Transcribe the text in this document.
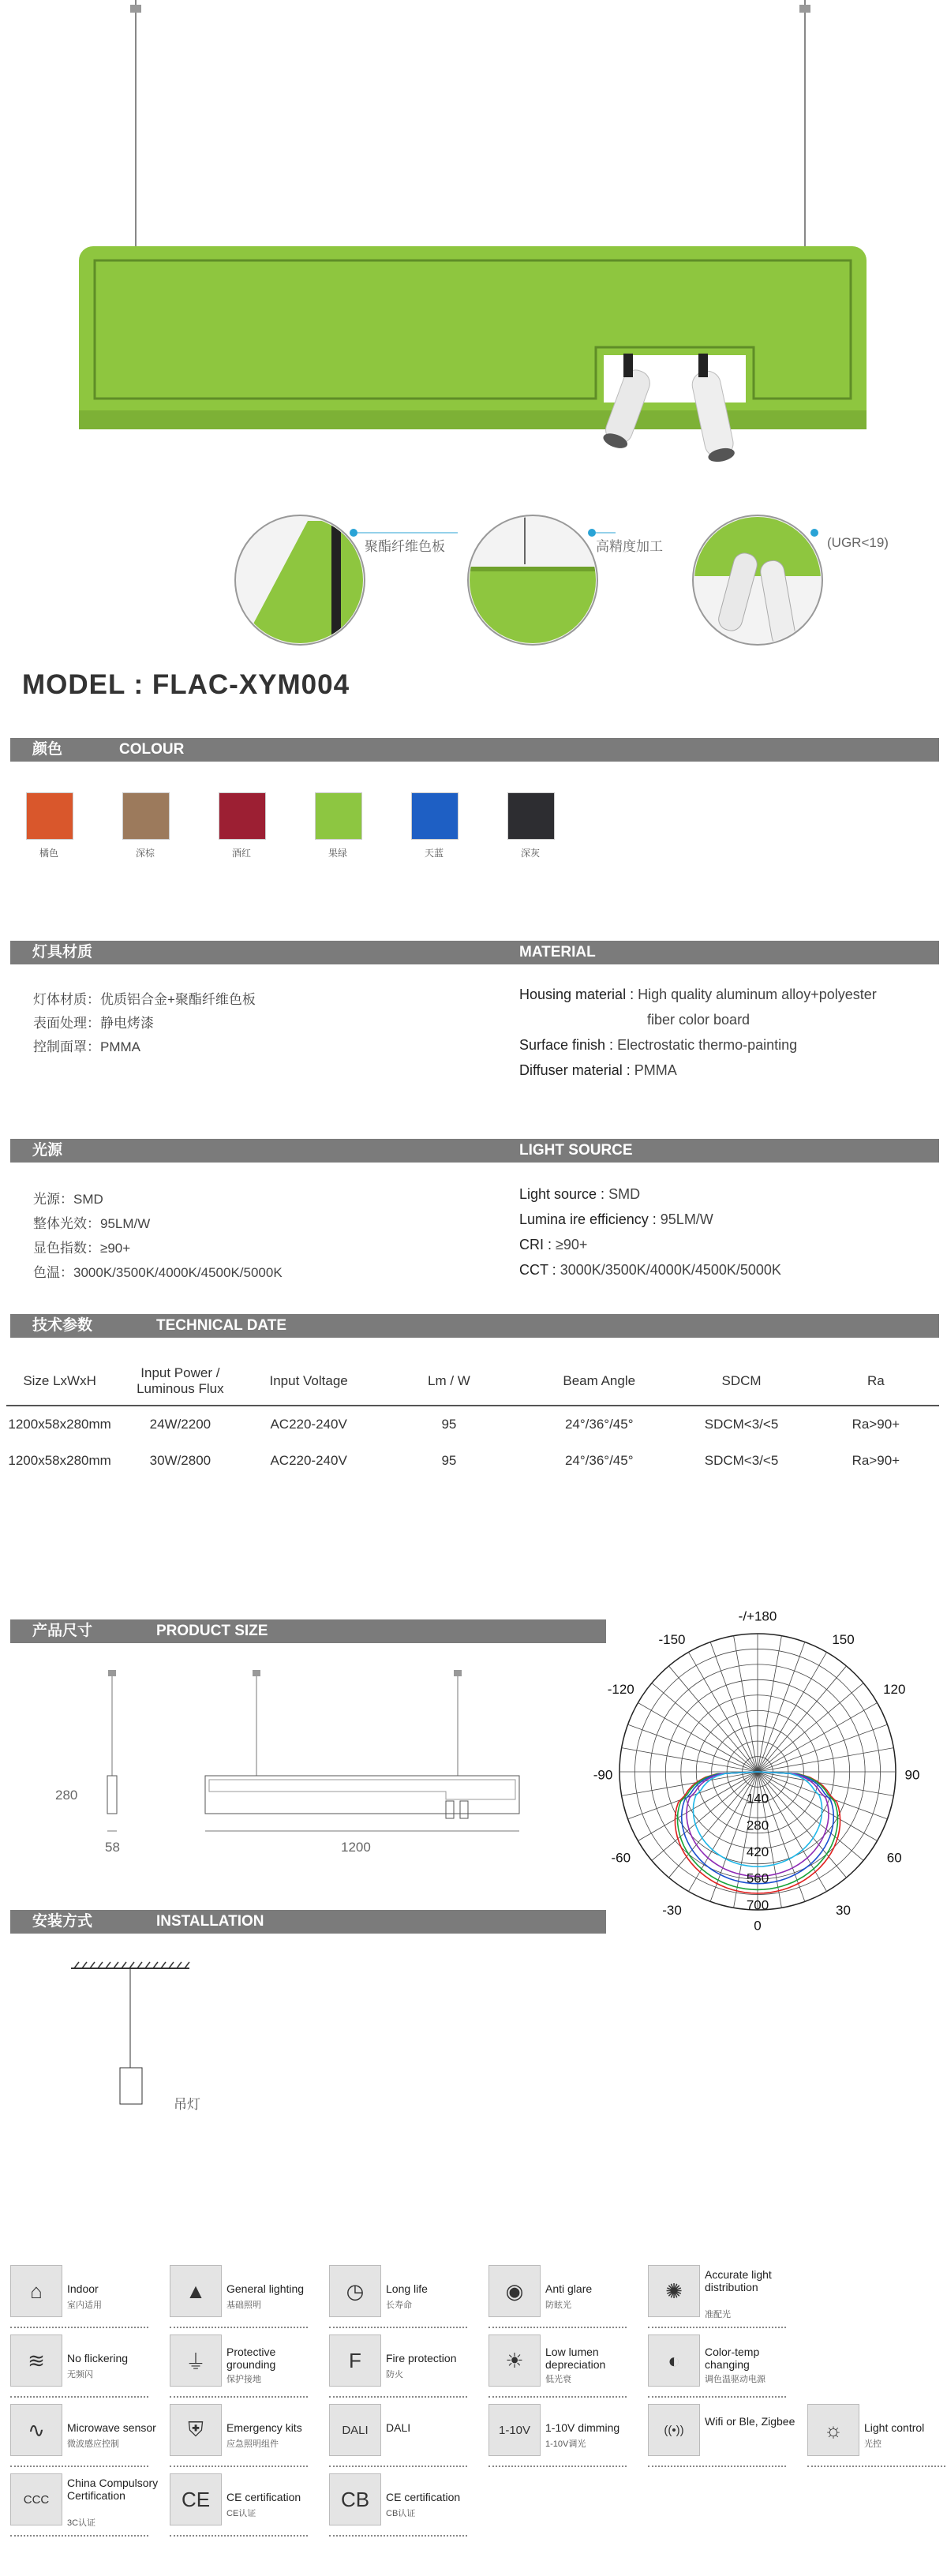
聚酯纤维色板	高精度加工	(UGR<19)
MODEL : FLAC-XYM004
颜色	COLOUR
橘色	深棕	酒红	果绿	天蓝	深灰
灯具材质	MATERIAL
灯体材质：优质铝合金+聚酯纤维色板
表面处理：静电烤漆
控制面罩：PMMA
Housing material : High quality aluminum alloy+polyester
fiber color board
Surface finish : Electrostatic thermo-painting
Diffuser material : PMMA
光源	LIGHT SOURCE
光源：SMD
整体光效：95LM/W
显色指数：≥90+
色温：3000K/3500K/4000K/4500K/5000K
Light source : SMD
Lumina ire efficiency : 95LM/W
CRI : ≥90+
CCT : 3000K/3500K/4000K/4500K/5000K
技术参数	TECHNICAL DATE
Size LxWxH	Input Power / Luminous Flux	Input Voltage	Lm / W	Beam Angle	SDCM	Ra
1200x58x280mm	24W/2200	AC220-240V	95	24°/36°/45°	SDCM<3/<5	Ra>90+
1200x58x280mm	30W/2800	AC220-240V	95	24°/36°/45°	SDCM<3/<5	Ra>90+
产品尺寸	PRODUCT SIZE
280
58	1200
-/+180
-150	150
-120	120
-90	90
-60	60
-30	30
0
140
280
420
560
700
安装方式	INSTALLATION
吊灯
⌂	Indoor
室内适用
▲	General lighting
基础照明
◷	Long life
长寿命
◉	Anti glare
防眩光
✺
Accurate light distribution
准配光
≋	No flickering
无频闪
⏚	Protective grounding
保护接地
F	Fire protection
防火
☀	Low lumen depreciation
低光衰
◐	Color-temp changing
调色温驱动电源
∿	Microwave sensor
微波感应控制
⛨	Emergency kits
应急照明组件
DALI	DALI	1-10V	1-10V dimming
1-10V调光
((•))
Wifi or Ble, Zigbee	☼	Light control
光控
CCC
China Compulsory Certification
3C认证
CE	CE certification
CE认证
CB	CE certification
CB认证
